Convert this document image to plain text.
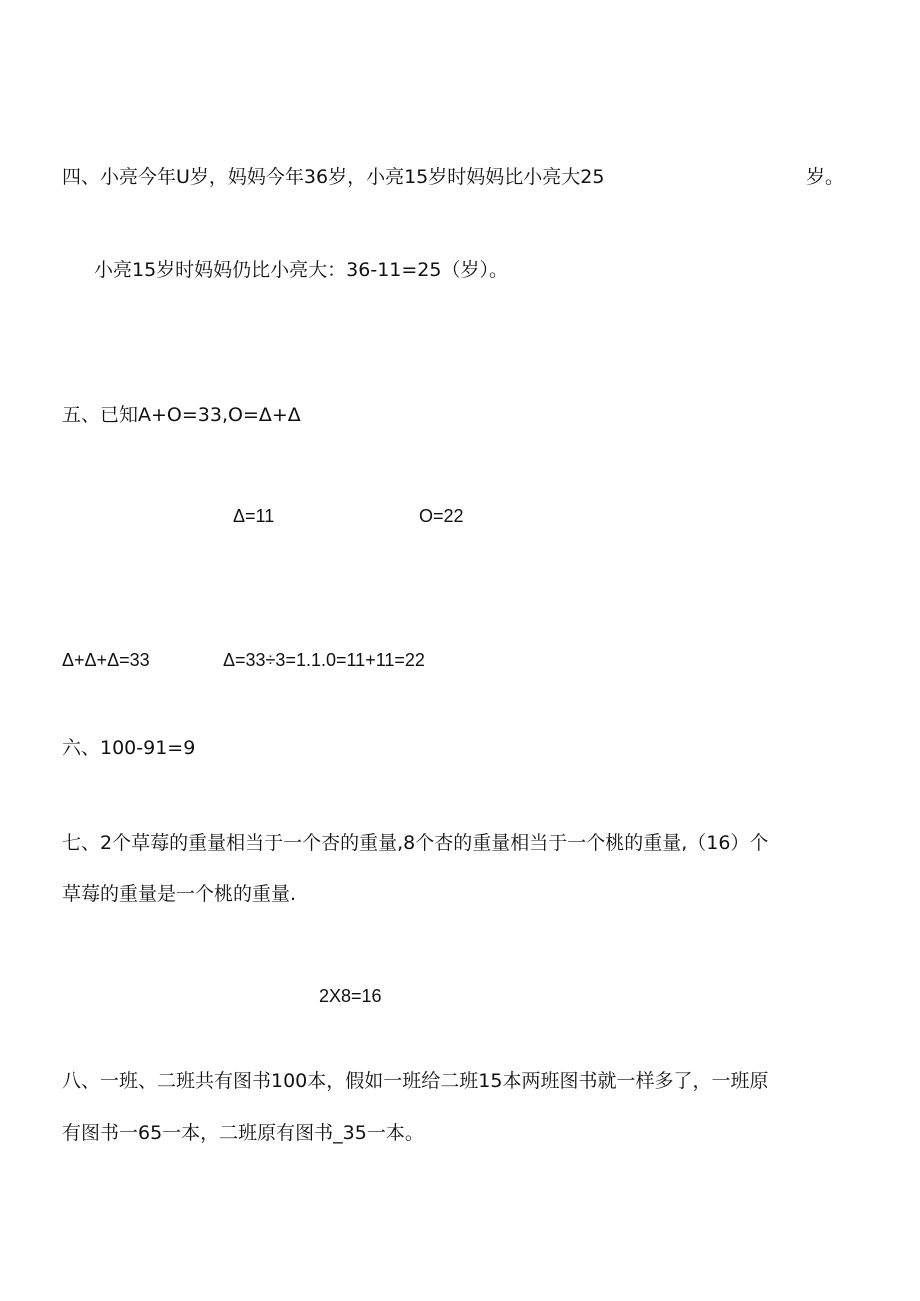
四、小亮今年U岁，妈妈今年36岁，小亮15岁时妈妈比小亮大25	岁。
小亮15岁时妈妈仍比小亮大：36-11=25（岁）。
五、已知A+O=33,O=Δ+Δ
Δ=11	O=22
Δ+Δ+Δ=33	Δ=33÷3=1.1.0=11+11=22
六、100-91=9
七、2个草莓的重量相当于一个杏的重量,8个杏的重量相当于一个桃的重量,（16）个
草莓的重量是一个桃的重量.
2X8=16
八、一班、二班共有图书100本，假如一班给二班15本两班图书就一样多了，一班原
有图书一65一本，二班原有图书_35一本。
